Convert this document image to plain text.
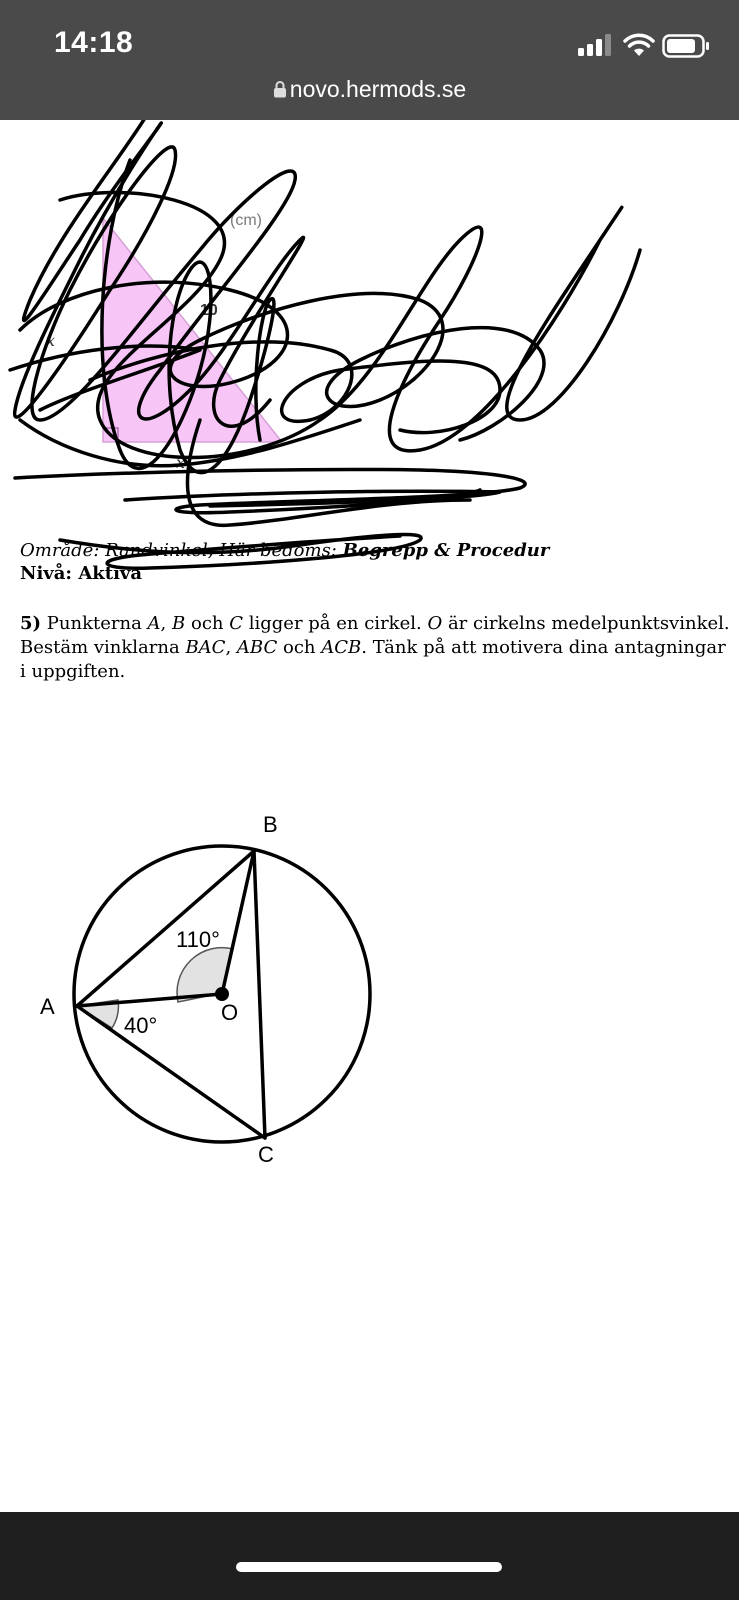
14:18
novo.hermods.se
(cm)
10
x
x
Område: Randvinkel, Här bedöms: Begrepp & Procedur
Nivå: Aktiva
5) Punkterna A, B och C ligger på en cirkel. O är cirkelns medelpunktsvinkel. Bestäm vinklarna BAC, ABC och ACB. Tänk på att motivera dina antagningar i uppgiften.
B
A	O
C
110°
40°
